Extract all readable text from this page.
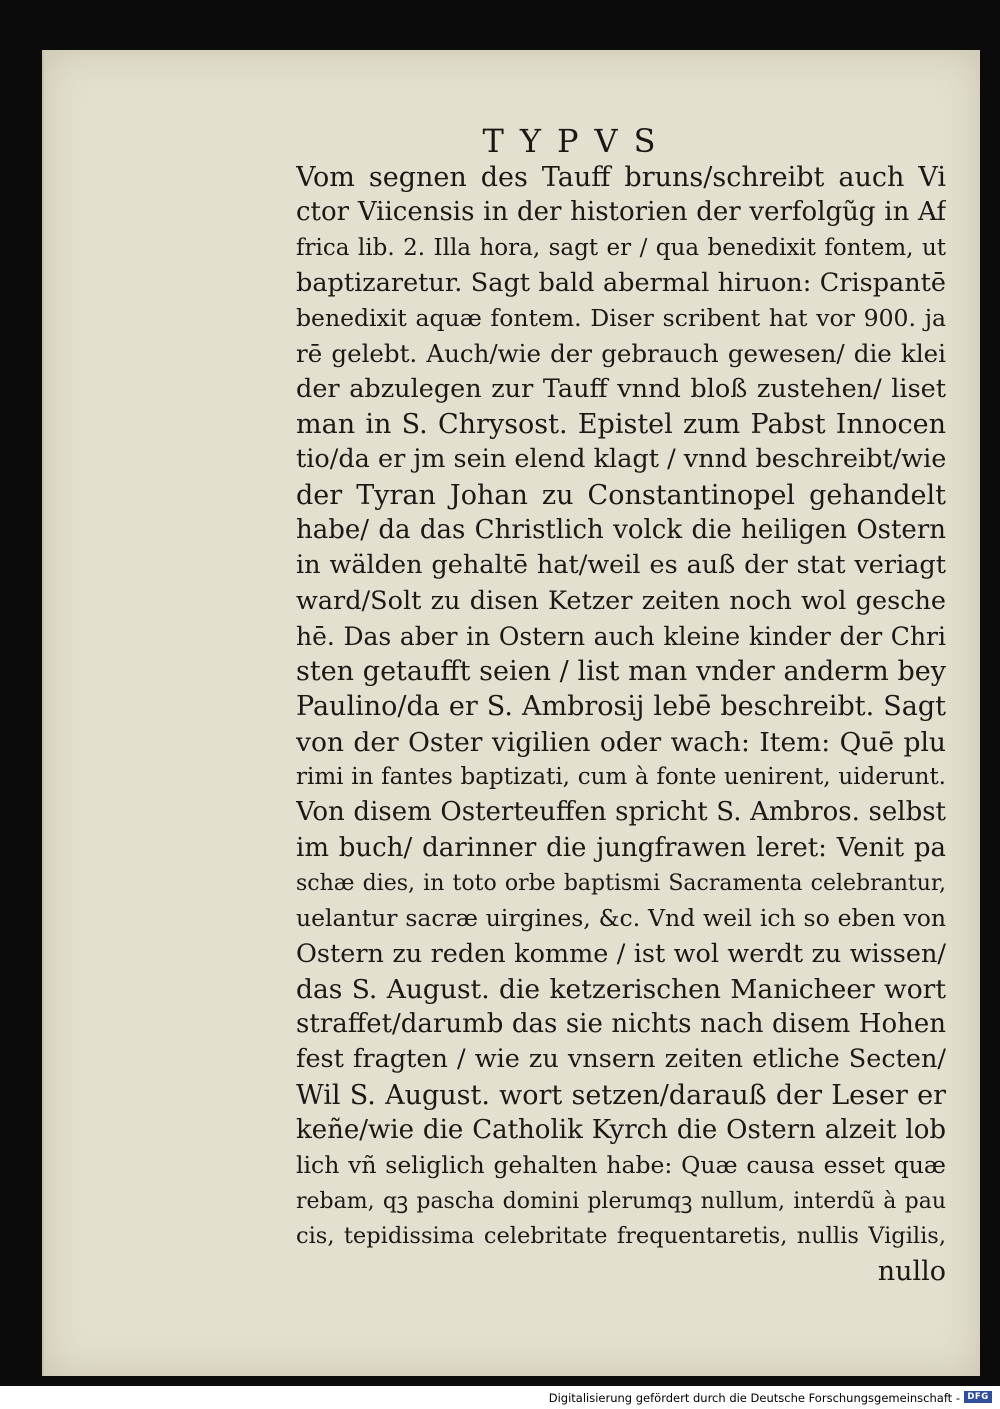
TYPVS
Vom segnen des Tauff bruns/schreibt auch Vi
ctor Viicensis in der historien der verfolgũg in Af
frica lib. 2. Illa hora, sagt er / qua benedixit fontem, ut
baptizaretur. Sagt bald abermal hiruon: Crispantē
benedixit aquæ fontem. Diser scribent hat vor 900. ja
rē gelebt. Auch/wie der gebrauch gewesen/ die klei
der abzulegen zur Tauff vnnd bloß zustehen/ liset
man in S. Chrysost. Epistel zum Pabst Innocen
tio/da er jm sein elend klagt / vnnd beschreibt/wie
der Tyran Johan zu Constantinopel gehandelt
habe/ da das Christlich volck die heiligen Ostern
in wälden gehaltē hat/weil es auß der stat veriagt
ward/Solt zu disen Ketzer zeiten noch wol gesche
hē. Das aber in Ostern auch kleine kinder der Chri
sten getaufft seien / list man vnder anderm bey
Paulino/da er S. Ambrosij lebē beschreibt. Sagt
von der Oster vigilien oder wach: Item: Quē plu
rimi in fantes baptizati, cum à fonte uenirent, uiderunt.
Von disem Osterteuffen spricht S. Ambros. selbst
im buch/ darinner die jungfrawen leret: Venit pa
schæ dies, in toto orbe baptismi Sacramenta celebrantur,
uelantur sacræ uirgines, &c. Vnd weil ich so eben von
Ostern zu reden komme / ist wol werdt zu wissen/
das S. August. die ketzerischen Manicheer wort
straffet/darumb das sie nichts nach disem Hohen
fest fragten / wie zu vnsern zeiten etliche Secten/
Wil S. August. wort setzen/darauß der Leser er
keñe/wie die Catholik Kyrch die Ostern alzeit lob
lich vñ seliglich gehalten habe: Quæ causa esset quæ
rebam, qꝫ pascha domini plerumqꝫ nullum, interdũ à pau
cis, tepidissima celebritate frequentaretis, nullis Vigilis,
nullo
Digitalisierung gefördert durch die Deutsche Forschungsgemeinschaft - DFG
